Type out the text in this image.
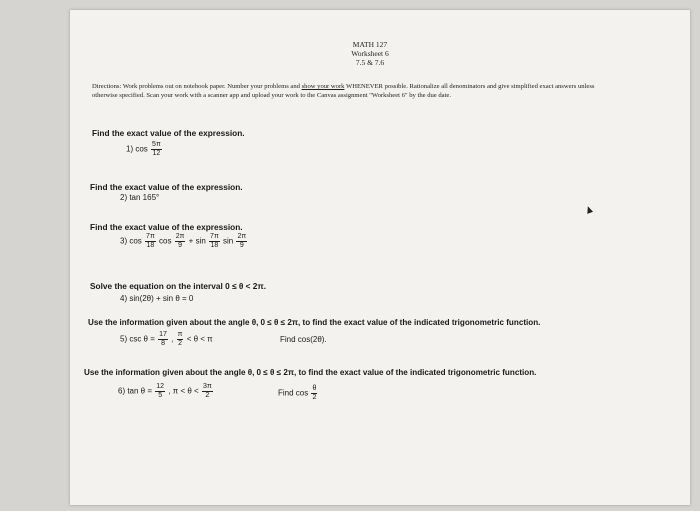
MATH 127
Worksheet 6
7.5 & 7.6
Directions: Work problems out on notebook paper. Number your problems and show your work WHENEVER possible. Rationalize all denominators and give simplified exact answers unless otherwise specified. Scan your work with a scanner app and upload your work to the Canvas assignment "Worksheet 6" by the due date.
Find the exact value of the expression.
1) $\cos \frac{5\pi}{12}$
Find the exact value of the expression.
2) tan 165°
Find the exact value of the expression.
3) $\cos \frac{7\pi}{18}$ $\cos \frac{2\pi}{9} + \sin \frac{7\pi}{18}$ $\sin \frac{2\pi}{9}$
Solve the equation on the interval 0 ≤ θ < 2π.
4) sin(2θ) + sin θ = 0
Use the information given about the angle θ, 0 ≤ θ ≤ 2π, to find the exact value of the indicated trigonometric function.
5) $\csc \theta = \frac{17}{8}$ , $\frac{\pi}{2} < \theta < \pi$	Find cos(2θ).
Use the information given about the angle θ, 0 ≤ θ ≤ 2π, to find the exact value of the indicated trigonometric function.
6) $\tan \theta = \frac{12}{5}$ , $\pi < \theta < \frac{3\pi}{2}$	Find $\cos \frac{\theta}{2}$
